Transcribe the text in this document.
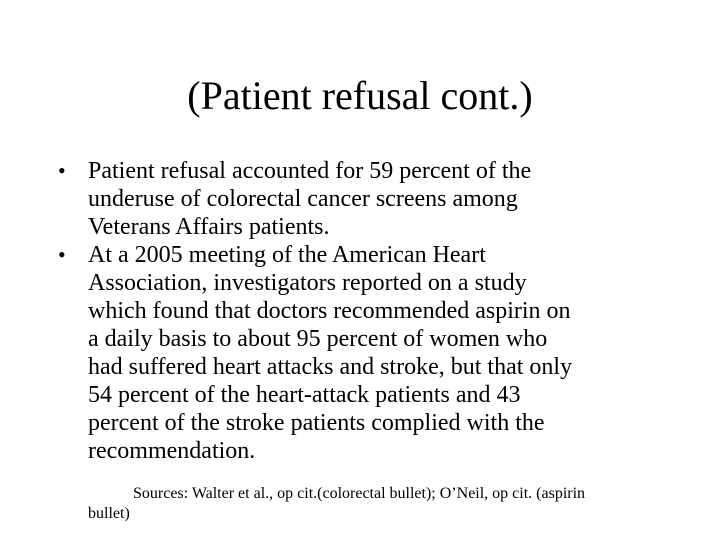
(Patient refusal cont.)
• Patient refusal accounted for 59 percent of the
underuse of colorectal cancer screens among
Veterans Affairs patients.
• At a 2005 meeting of the American Heart
Association, investigators reported on a study
which found that doctors recommended aspirin on
a daily basis to about 95 percent of women who
had suffered heart attacks and stroke, but that only
54 percent of the heart-attack patients and 43
percent of the stroke patients complied with the
recommendation.
Sources: Walter et al., op cit.(colorectal bullet); O’Neil, op cit. (aspirin
bullet)
